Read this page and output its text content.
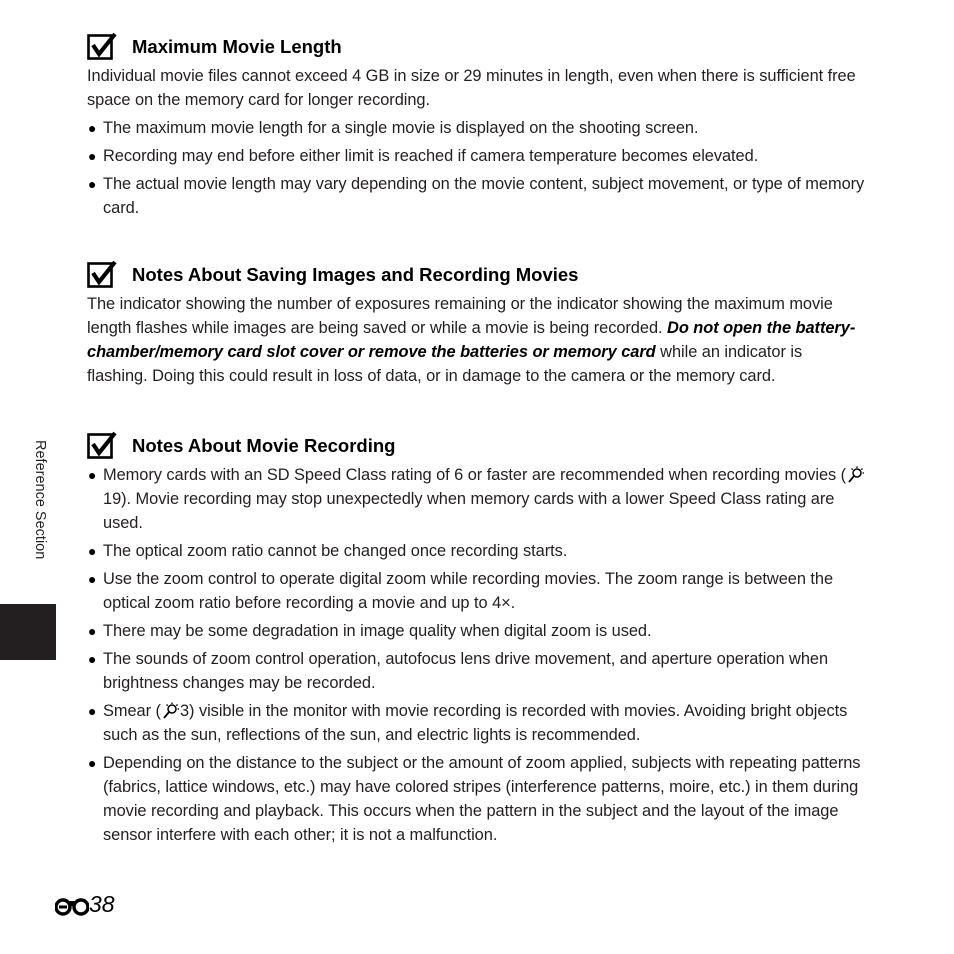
Maximum Movie Length

Individual movie files cannot exceed 4 GB in size or 29 minutes in length, even when there is sufficient free space on the memory card for longer recording.

● The maximum movie length for a single movie is displayed on the shooting screen.
● Recording may end before either limit is reached if camera temperature becomes elevated.
● The actual movie length may vary depending on the movie content, subject movement, or type of memory card.
Notes About Saving Images and Recording Movies

The indicator showing the number of exposures remaining or the indicator showing the maximum movie length flashes while images are being saved or while a movie is being recorded. Do not open the battery-chamber/memory card slot cover or remove the batteries or memory card while an indicator is flashing. Doing this could result in loss of data, or in damage to the camera or the memory card.

Notes About Movie Recording
● Memory cards with an SD Speed Class rating of 6 or faster are recommended when recording movies (19). Movie recording may stop unexpectedly when memory cards with a lower Speed Class rating are used.
● The optical zoom ratio cannot be changed once recording starts.
● Use the zoom control to operate digital zoom while recording movies. The zoom range is between the optical zoom ratio before recording a movie and up to 4×.
● There may be some degradation in image quality when digital zoom is used.
● The sounds of zoom control operation, autofocus lens drive movement, and aperture operation when brightness changes may be recorded.
● Smear ( 3) visible in the monitor with movie recording is recorded with movies. Avoiding bright objects such as the sun, reflections of the sun, and electric lights is recommended.
● Depending on the distance to the subject or the amount of zoom applied, subjects with repeating patterns (fabrics, lattice windows, etc.) may have colored stripes (interference patterns, moire, etc.) in them during movie recording and playback. This occurs when the pattern in the subject and the layout of the image sensor interfere with each other; it is not a malfunction.
Reference Section
38
